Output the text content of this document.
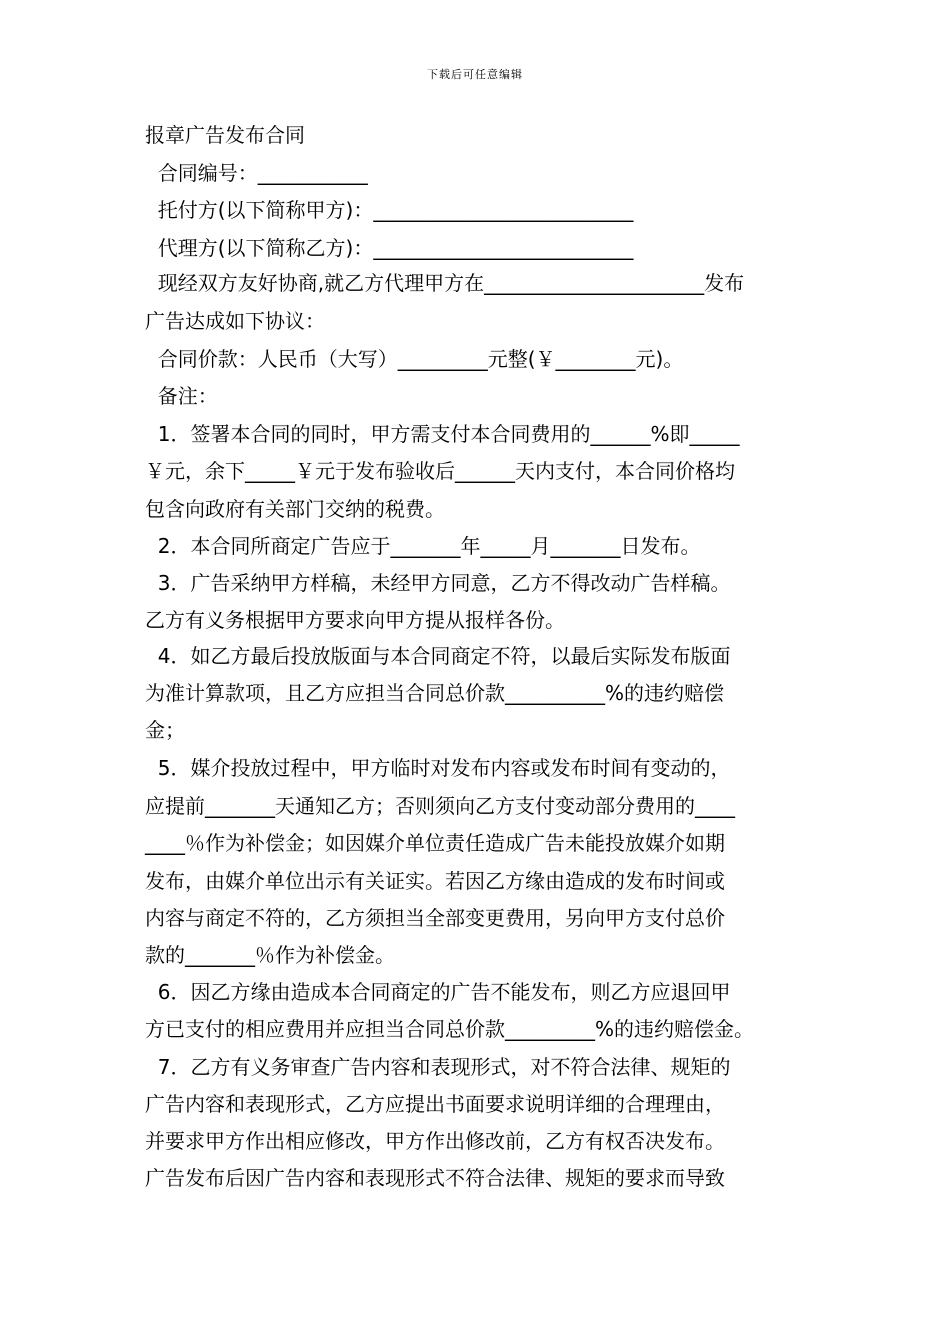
下载后可任意编辑
报章广告发布合同
合同编号：___________
托付方(以下简称甲方)：__________________________
代理方(以下简称乙方)：__________________________
现经双方友好协商,就乙方代理甲方在______________________发布
广告达成如下协议：
合同价款：人民币（大写）_________元整(￥________元)。
备注：
1．签署本合同的同时，甲方需支付本合同费用的______%即_____
￥元，余下_____￥元于发布验收后______天内支付，本合同价格均
包含向政府有关部门交纳的税费。
2．本合同所商定广告应于_______年_____月_______日发布。
3．广告采纳甲方样稿，未经甲方同意，乙方不得改动广告样稿。
乙方有义务根据甲方要求向甲方提从报样各份。
4．如乙方最后投放版面与本合同商定不符，以最后实际发布版面
为准计算款项，且乙方应担当合同总价款__________%的违约赔偿
金；
5．媒介投放过程中，甲方临时对发布内容或发布时间有变动的，
应提前_______天通知乙方；否则须向乙方支付变动部分费用的____
____％作为补偿金；如因媒介单位责任造成广告未能投放媒介如期
发布，由媒介单位出示有关证实。若因乙方缘由造成的发布时间或
内容与商定不符的，乙方须担当全部变更费用，另向甲方支付总价
款的_______％作为补偿金。
6．因乙方缘由造成本合同商定的广告不能发布，则乙方应退回甲
方已支付的相应费用并应担当合同总价款_________%的违约赔偿金。
7．乙方有义务审查广告内容和表现形式，对不符合法律、规矩的
广告内容和表现形式，乙方应提出书面要求说明详细的合理理由，
并要求甲方作出相应修改，甲方作出修改前，乙方有权否决发布。
广告发布后因广告内容和表现形式不符合法律、规矩的要求而导致
